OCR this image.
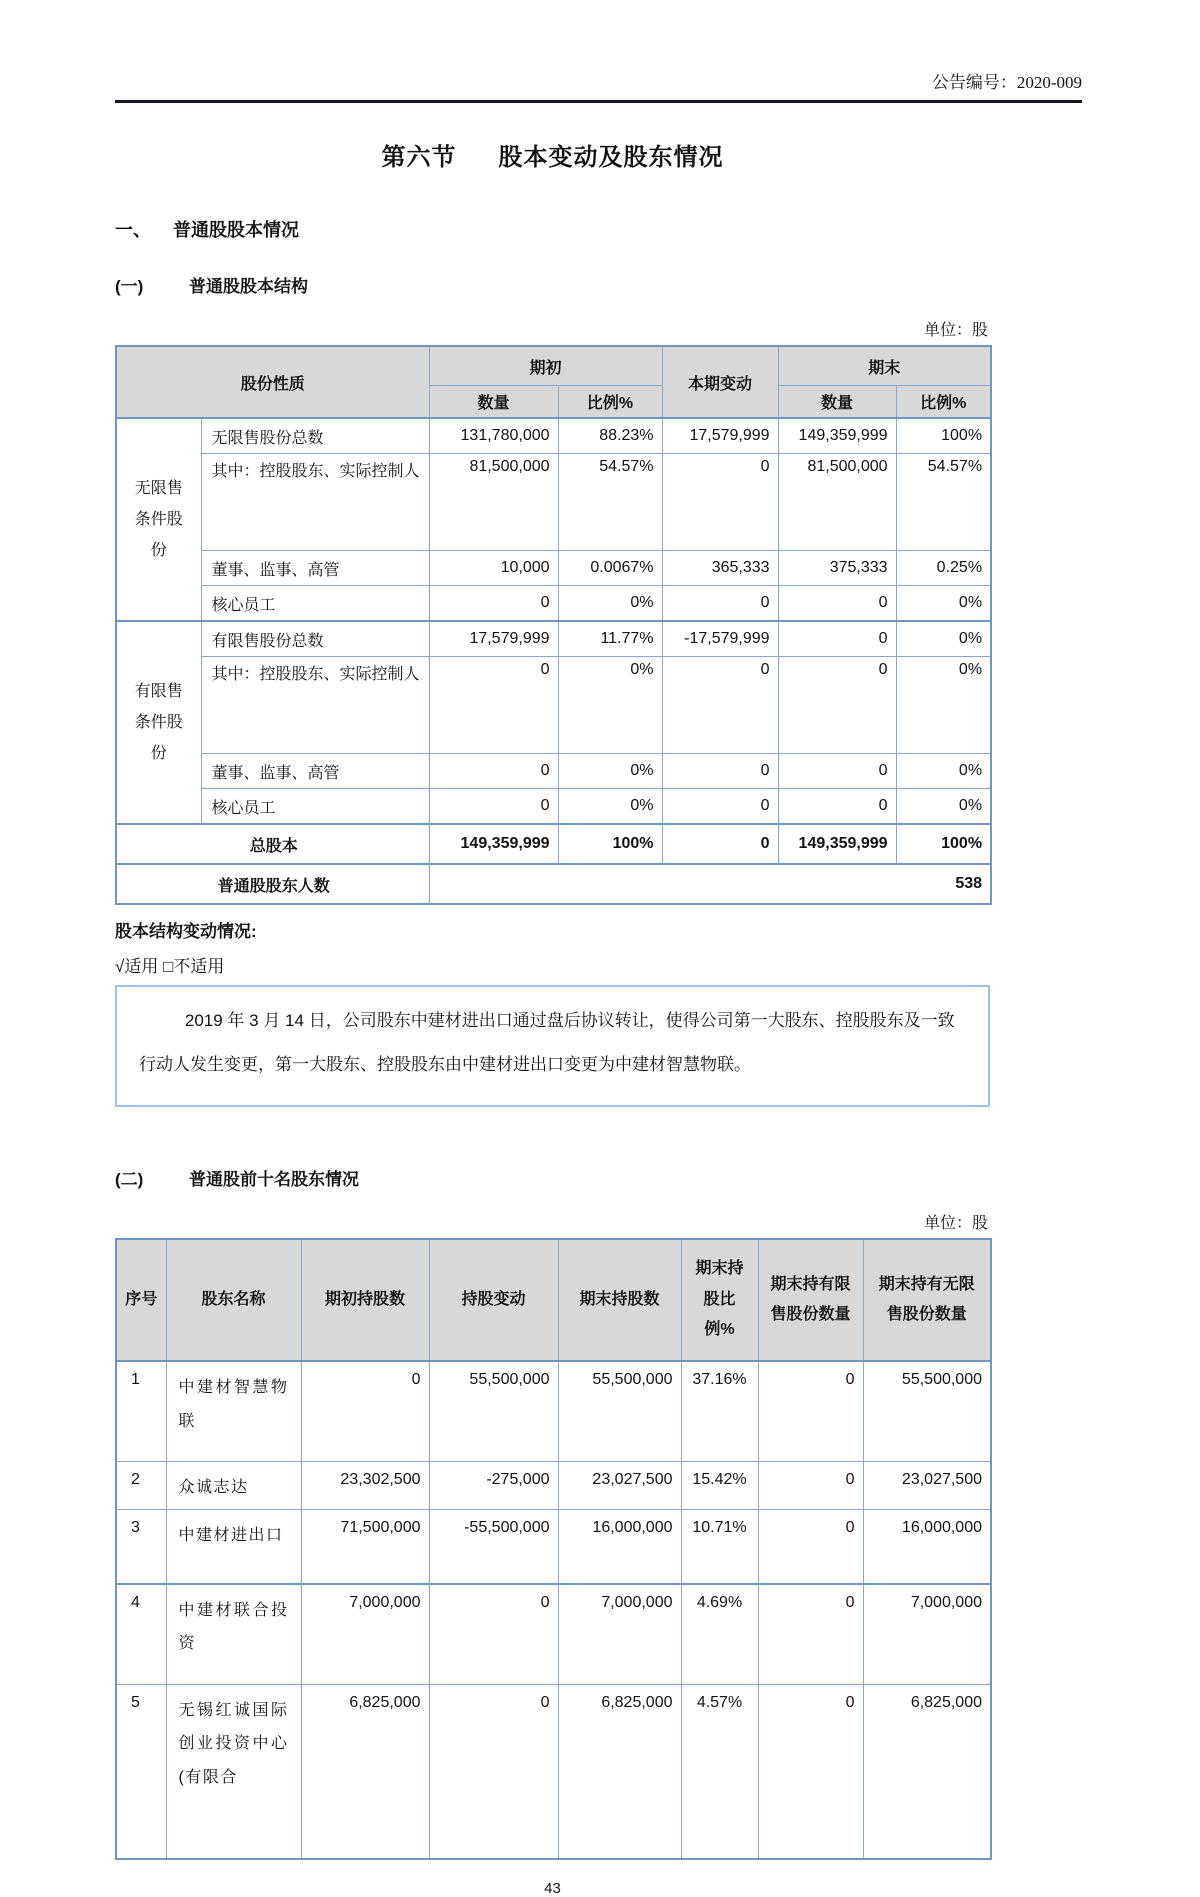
公告编号：2020-009
第六节 股本变动及股东情况
一、 普通股股本情况
(一)	普通股股本结构
单位：股
股份性质		期初		本期变动	期末	
		数量	比例%		数量	比例%
无限售条件股份	无限售股份总数	131,780,000	88.23%	17,579,999	149,359,999	100%
	其中：控股股东、实际控制人	81,500,000	54.57%	0	81,500,000	54.57%
	董事、监事、高管	10,000	0.0067%	365,333	375,333	0.25%
	核心员工	0	0%	0	0	0%
有限售条件股份	有限售股份总数	17,579,999	11.77%	-17,579,999	0	0%
	其中：控股股东、实际控制人	0	0%	0	0	0%
	董事、监事、高管	0	0%	0	0	0%
	核心员工	0	0%	0	0	0%
总股本		149,359,999	100%	0	149,359,999	100%
普通股股东人数		538				
股本结构变动情况:
√适用 □不适用
2019 年 3 月 14 日，公司股东中建材进出口通过盘后协议转让，使得公司第一大股东、控股股东及一致行动人发生变更，第一大股东、控股股东由中建材进出口变更为中建材智慧物联。
(二)	普通股前十名股东情况
单位：股
序号	股东名称	期初持股数	持股变动	期末持股数	期末持股比例%	期末持有限售股份数量	期末持有无限售股份数量
1	中建材智慧物联	0	55,500,000	55,500,000	37.16%	0	55,500,000
2	众诚志达	23,302,500	-275,000	23,027,500	15.42%	0	23,027,500
3	中建材进出口	71,500,000	-55,500,000	16,000,000	10.71%	0	16,000,000
4	中建材联合投资	7,000,000	0	7,000,000	4.69%	0	7,000,000
5	无锡红诚国际创业投资中心(有限合	6,825,000	0	6,825,000	4.57%	0	6,825,000
43
